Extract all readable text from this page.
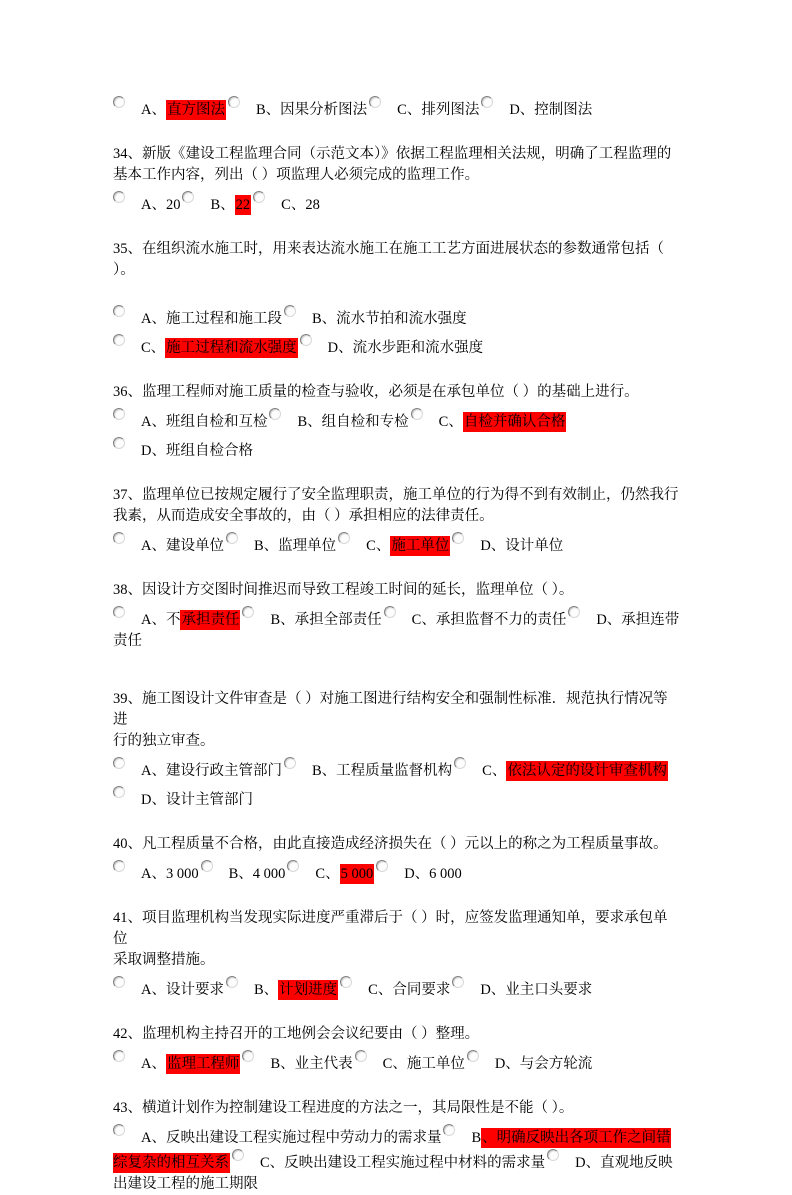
A、直方图法 B、因果分析图法 C、排列图法 D、控制图法
34、新版《建设工程监理合同（示范文本）》依据工程监理相关法规，明确了工程监理的
基本工作内容，列出（ ）项监理人必须完成的监理工作。
A、20 B、22 C、28
35、在组织流水施工时，用来表达流水施工在施工工艺方面进展状态的参数通常包括（ ）。
A、施工过程和施工段 B、流水节拍和流水强度
C、施工过程和流水强度 D、流水步距和流水强度
36、监理工程师对施工质量的检查与验收，必须是在承包单位（ ）的基础上进行。
A、班组自检和互检 B、组自检和专检 C、自检并确认合格
D、班组自检合格
37、监理单位已按规定履行了安全监理职责，施工单位的行为得不到有效制止，仍然我行
我素，从而造成安全事故的，由（ ）承担相应的法律责任。
A、建设单位 B、监理单位 C、施工单位 D、设计单位
38、因设计方交图时间推迟而导致工程竣工时间的延长，监理单位（ ）。
A、不承担责任 B、承担全部责任 C、承担监督不力的责任 D、承担连带责任
39、施工图设计文件审查是（ ）对施工图进行结构安全和强制性标准．规范执行情况等进
行的独立审查。
A、建设行政主管部门 B、工程质量监督机构 C、依法认定的设计审查机构
D、设计主管部门
40、凡工程质量不合格，由此直接造成经济损失在（ ）元以上的称之为工程质量事故。
A、3 000 B、4 000 C、5 000 D、6 000
41、项目监理机构当发现实际进度严重滞后于（ ）时，应签发监理通知单，要求承包单位
采取调整措施。
A、设计要求 B、计划进度 C、合同要求 D、业主口头要求
42、监理机构主持召开的工地例会会议纪要由（ ）整理。
A、监理工程师 B、业主代表 C、施工单位 D、与会方轮流
43、横道计划作为控制建设工程进度的方法之一，其局限性是不能（ ）。
A、反映出建设工程实施过程中劳动力的需求量 B、明确反映出各项工作之间错综复杂的相互关系 C、反映出建设工程实施过程中材料的需求量 D、直观地反映出建设工程的施工期限
